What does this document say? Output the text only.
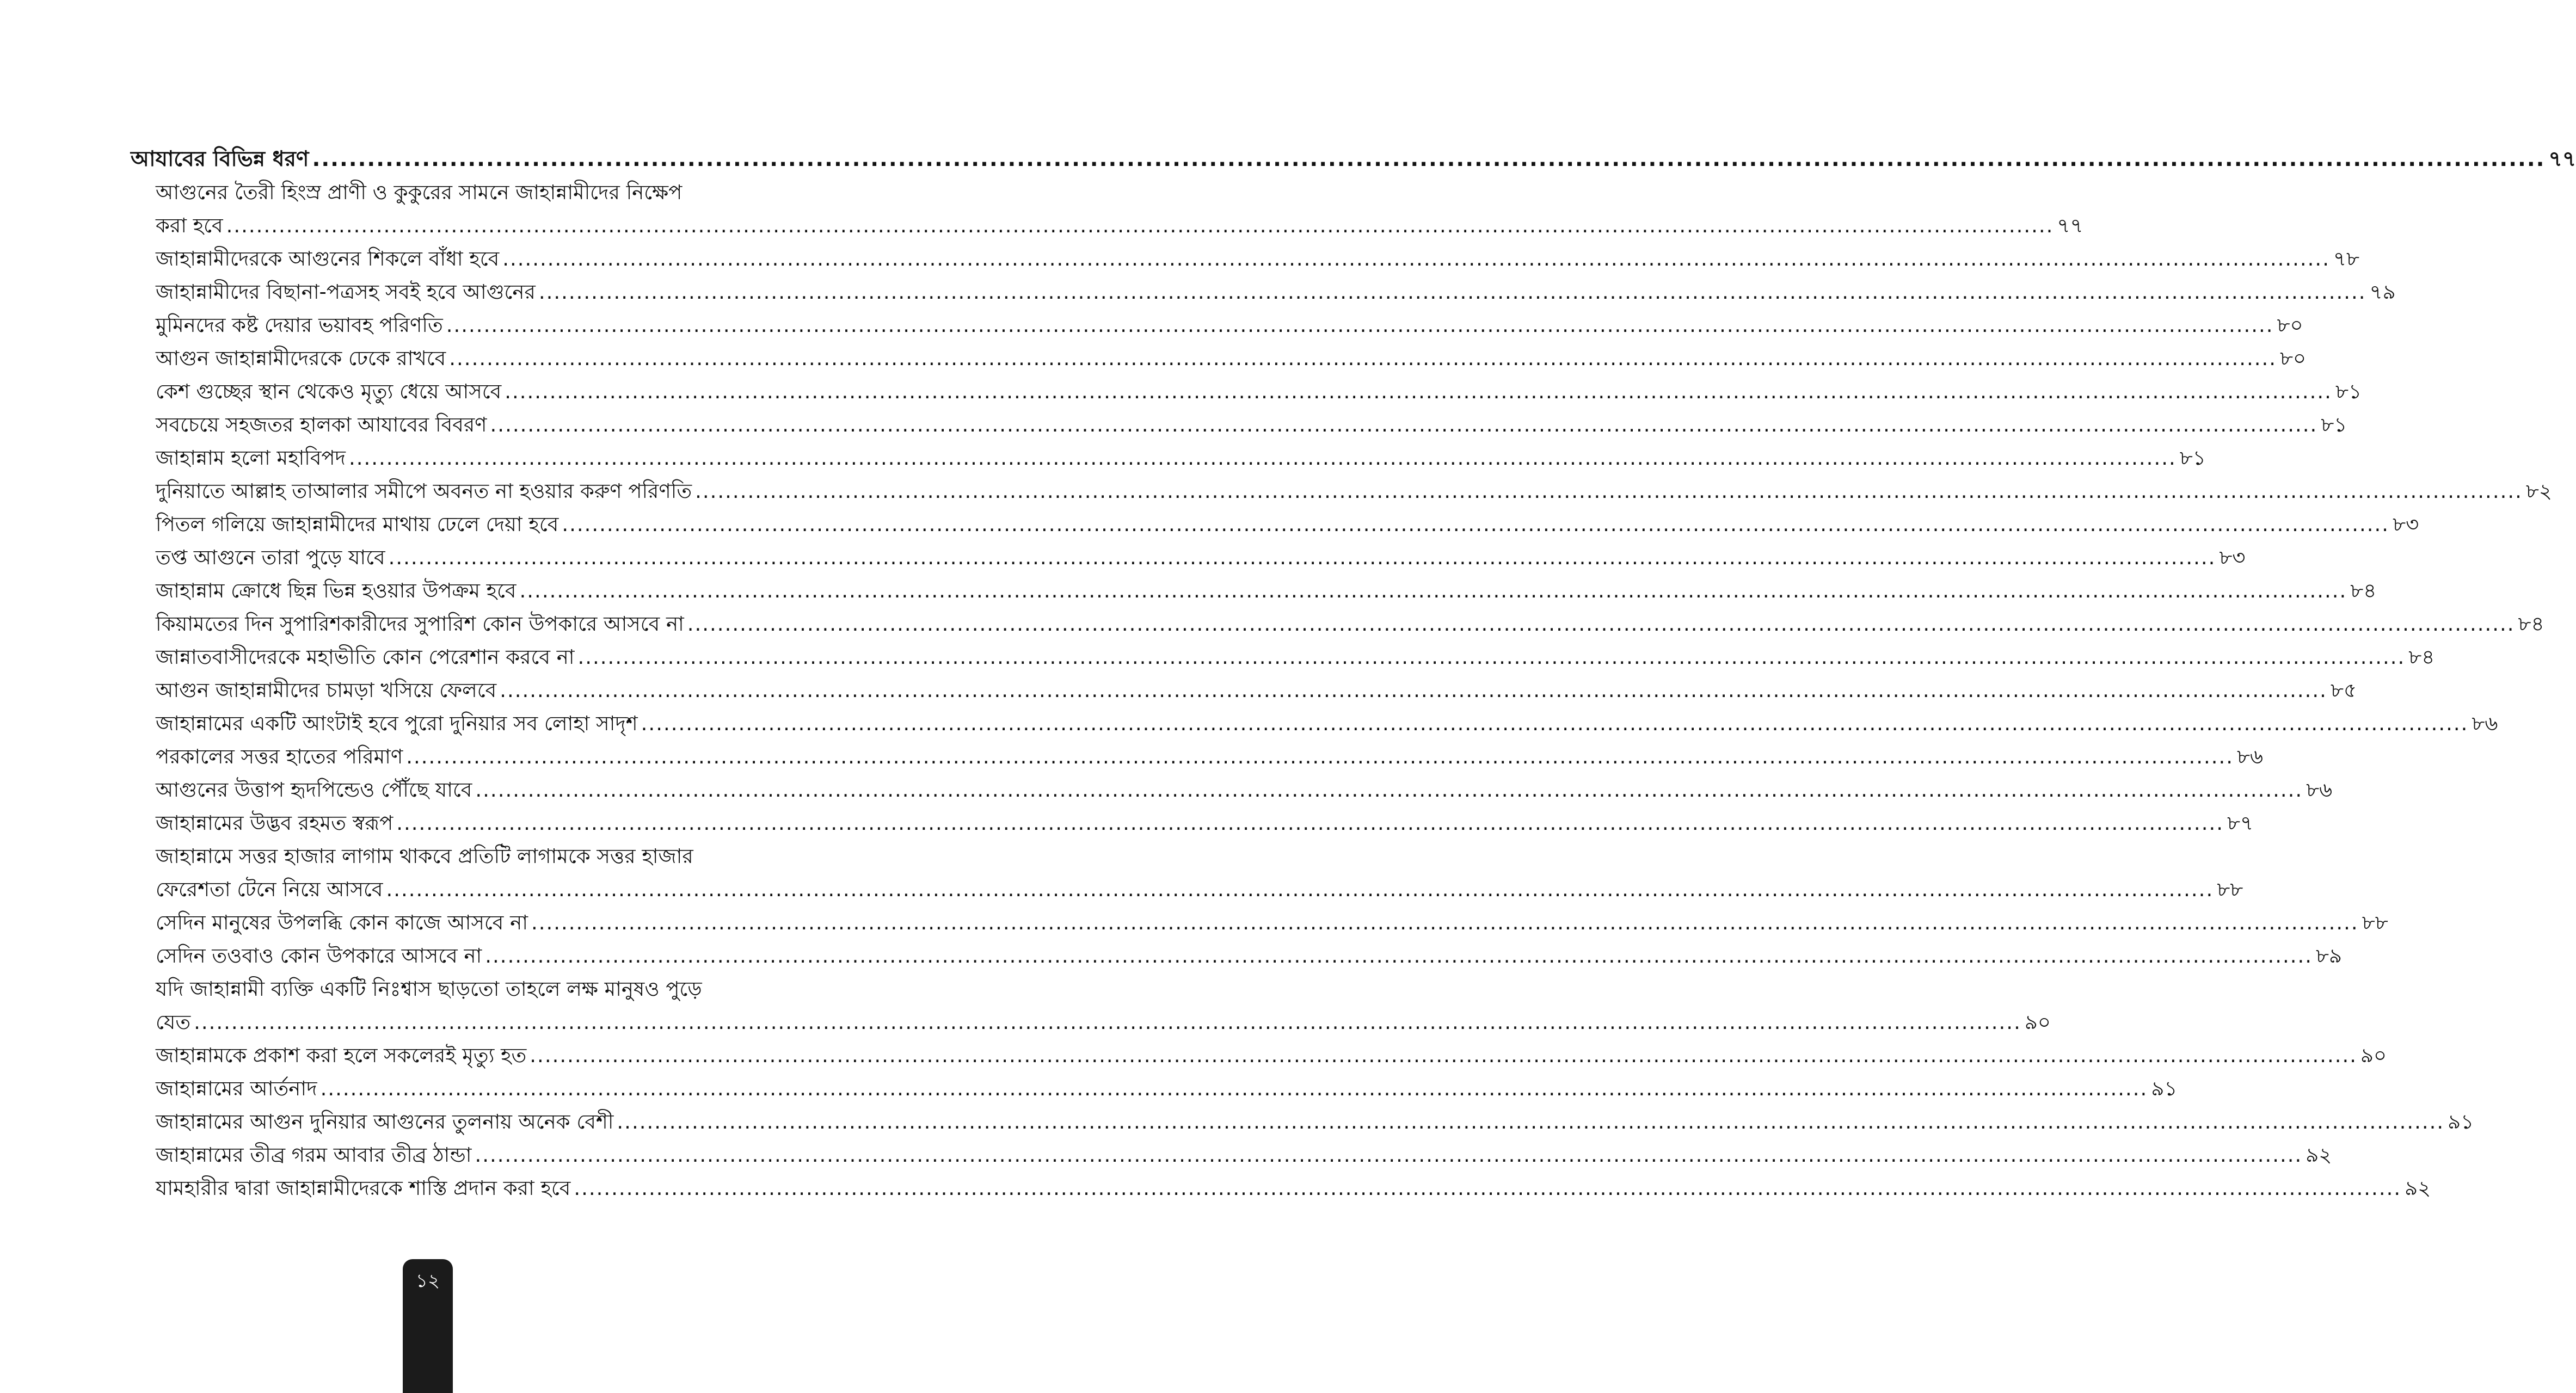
আযাবের বিভিন্ন ধরণ .....	৭৭
আগুনের তৈরী হিংস্র প্রাণী ও কুকুরের সামনে জাহান্নামীদের নিক্ষেপ
করা হবে .....	৭৭
জাহান্নামীদেরকে আগুনের শিকলে বাঁধা হবে .....	৭৮
জাহান্নামীদের বিছানা-পত্রসহ সবই হবে আগুনের .....	৭৯
মুমিনদের কষ্ট দেয়ার ভয়াবহ পরিণতি .....	৮০
আগুন জাহান্নামীদেরকে ঢেকে রাখবে .....	৮০
কেশ গুচ্ছের স্থান থেকেও মৃত্যু ধেয়ে আসবে .....	৮১
সবচেয়ে সহজতর হালকা আযাবের বিবরণ .....	৮১
জাহান্নাম হলো মহাবিপদ .....	৮১
দুনিয়াতে আল্লাহ তাআলার সমীপে অবনত না হওয়ার করুণ পরিণতি .....	৮২
পিতল গলিয়ে জাহান্নামীদের মাথায় ঢেলে দেয়া হবে .....	৮৩
তপ্ত আগুনে তারা পুড়ে যাবে .....	৮৩
জাহান্নাম ক্রোধে ছিন্ন ভিন্ন হওয়ার উপক্রম হবে .....	৮৪
কিয়ামতের দিন সুপারিশকারীদের সুপারিশ কোন উপকারে আসবে না .....	৮৪
জান্নাতবাসীদেরকে মহাভীতি কোন পেরেশান করবে না .....	৮৪
আগুন জাহান্নামীদের চামড়া খসিয়ে ফেলবে .....	৮৫
জাহান্নামের একটি আংটাই হবে পুরো দুনিয়ার সব লোহা সাদৃশ .....	৮৬
পরকালের সত্তর হাতের পরিমাণ .....	৮৬
আগুনের উত্তাপ হৃদপিন্ডেও পৌঁছে যাবে .....	৮৬
জাহান্নামের উদ্ভব রহমত স্বরূপ .....	৮৭
জাহান্নামে সত্তর হাজার লাগাম থাকবে প্রতিটি লাগামকে সত্তর হাজার
ফেরেশতা টেনে নিয়ে আসবে .....	৮৮
সেদিন মানুষের উপলব্ধি কোন কাজে আসবে না .....	৮৮
সেদিন তওবাও কোন উপকারে আসবে না .....	৮৯
যদি জাহান্নামী ব্যক্তি একটি নিঃশ্বাস ছাড়তো তাহলে লক্ষ মানুষও পুড়ে
যেত .....	৯০
জাহান্নামকে প্রকাশ করা হলে সকলেরই মৃত্যু হত .....	৯০
জাহান্নামের আর্তনাদ .....	৯১
জাহান্নামের আগুন দুনিয়ার আগুনের তুলনায় অনেক বেশী .....	৯১
জাহান্নামের তীব্র গরম আবার তীব্র ঠান্ডা .....	৯২
যামহারীর দ্বারা জাহান্নামীদেরকে শাস্তি প্রদান করা হবে .....	৯২
১২
